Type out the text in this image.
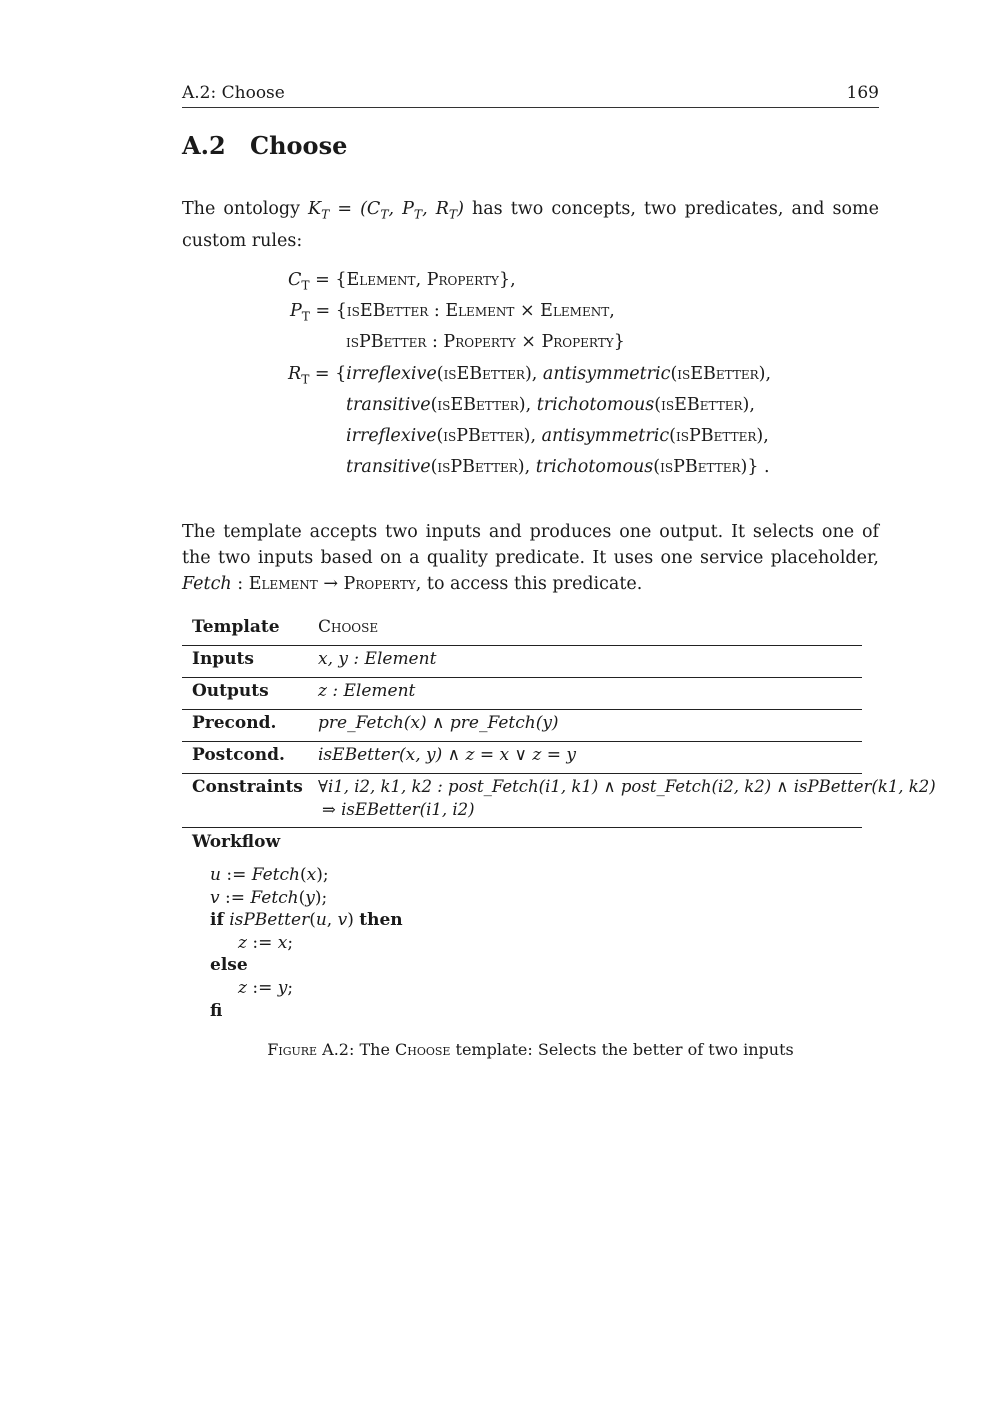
A.2: Choose	169
A.2 Choose
The ontology $K_T = (C_T$, $P_T$, $R_T$) has two concepts, two predicates, and some custom rules:
$C_T$ = {Element, Property},
$P_T$ = {isEBetter : Element × Element,
isPBetter : Property × Property}
$R_T$ = {irreflexive(isEBetter), antisymmetric(isEBetter),
transitive(isEBetter), trichotomous(isEBetter),
irreflexive(isPBetter), antisymmetric(isPBetter),
transitive(isPBetter), trichotomous(isPBetter)} .
The template accepts two inputs and produces one output. It selects one of the two inputs based on a quality predicate. It uses one service placeholder, Fetch : Element → Property, to access this predicate.
Template Choose
Inputs	x, y : Element
Outputs	z : Element
Precond. pre_Fetch(x) ∧ pre_Fetch(y)
Postcond. isEBetter(x, y) ∧ z = x ∨ z = y
Constraints ∀i1, i2, k1, k2 : post_Fetch(i1, k1) ∧ post_Fetch(i2, k2) ∧ isPBetter(k1, k2)
⇒ isEBetter(i1, i2)
Workflow
u := Fetch(x);
v := Fetch(y);
if isPBetter(u, v) then
z := x;
else
z := y;
fi
Figure A.2: The Choose template: Selects the better of two inputs
